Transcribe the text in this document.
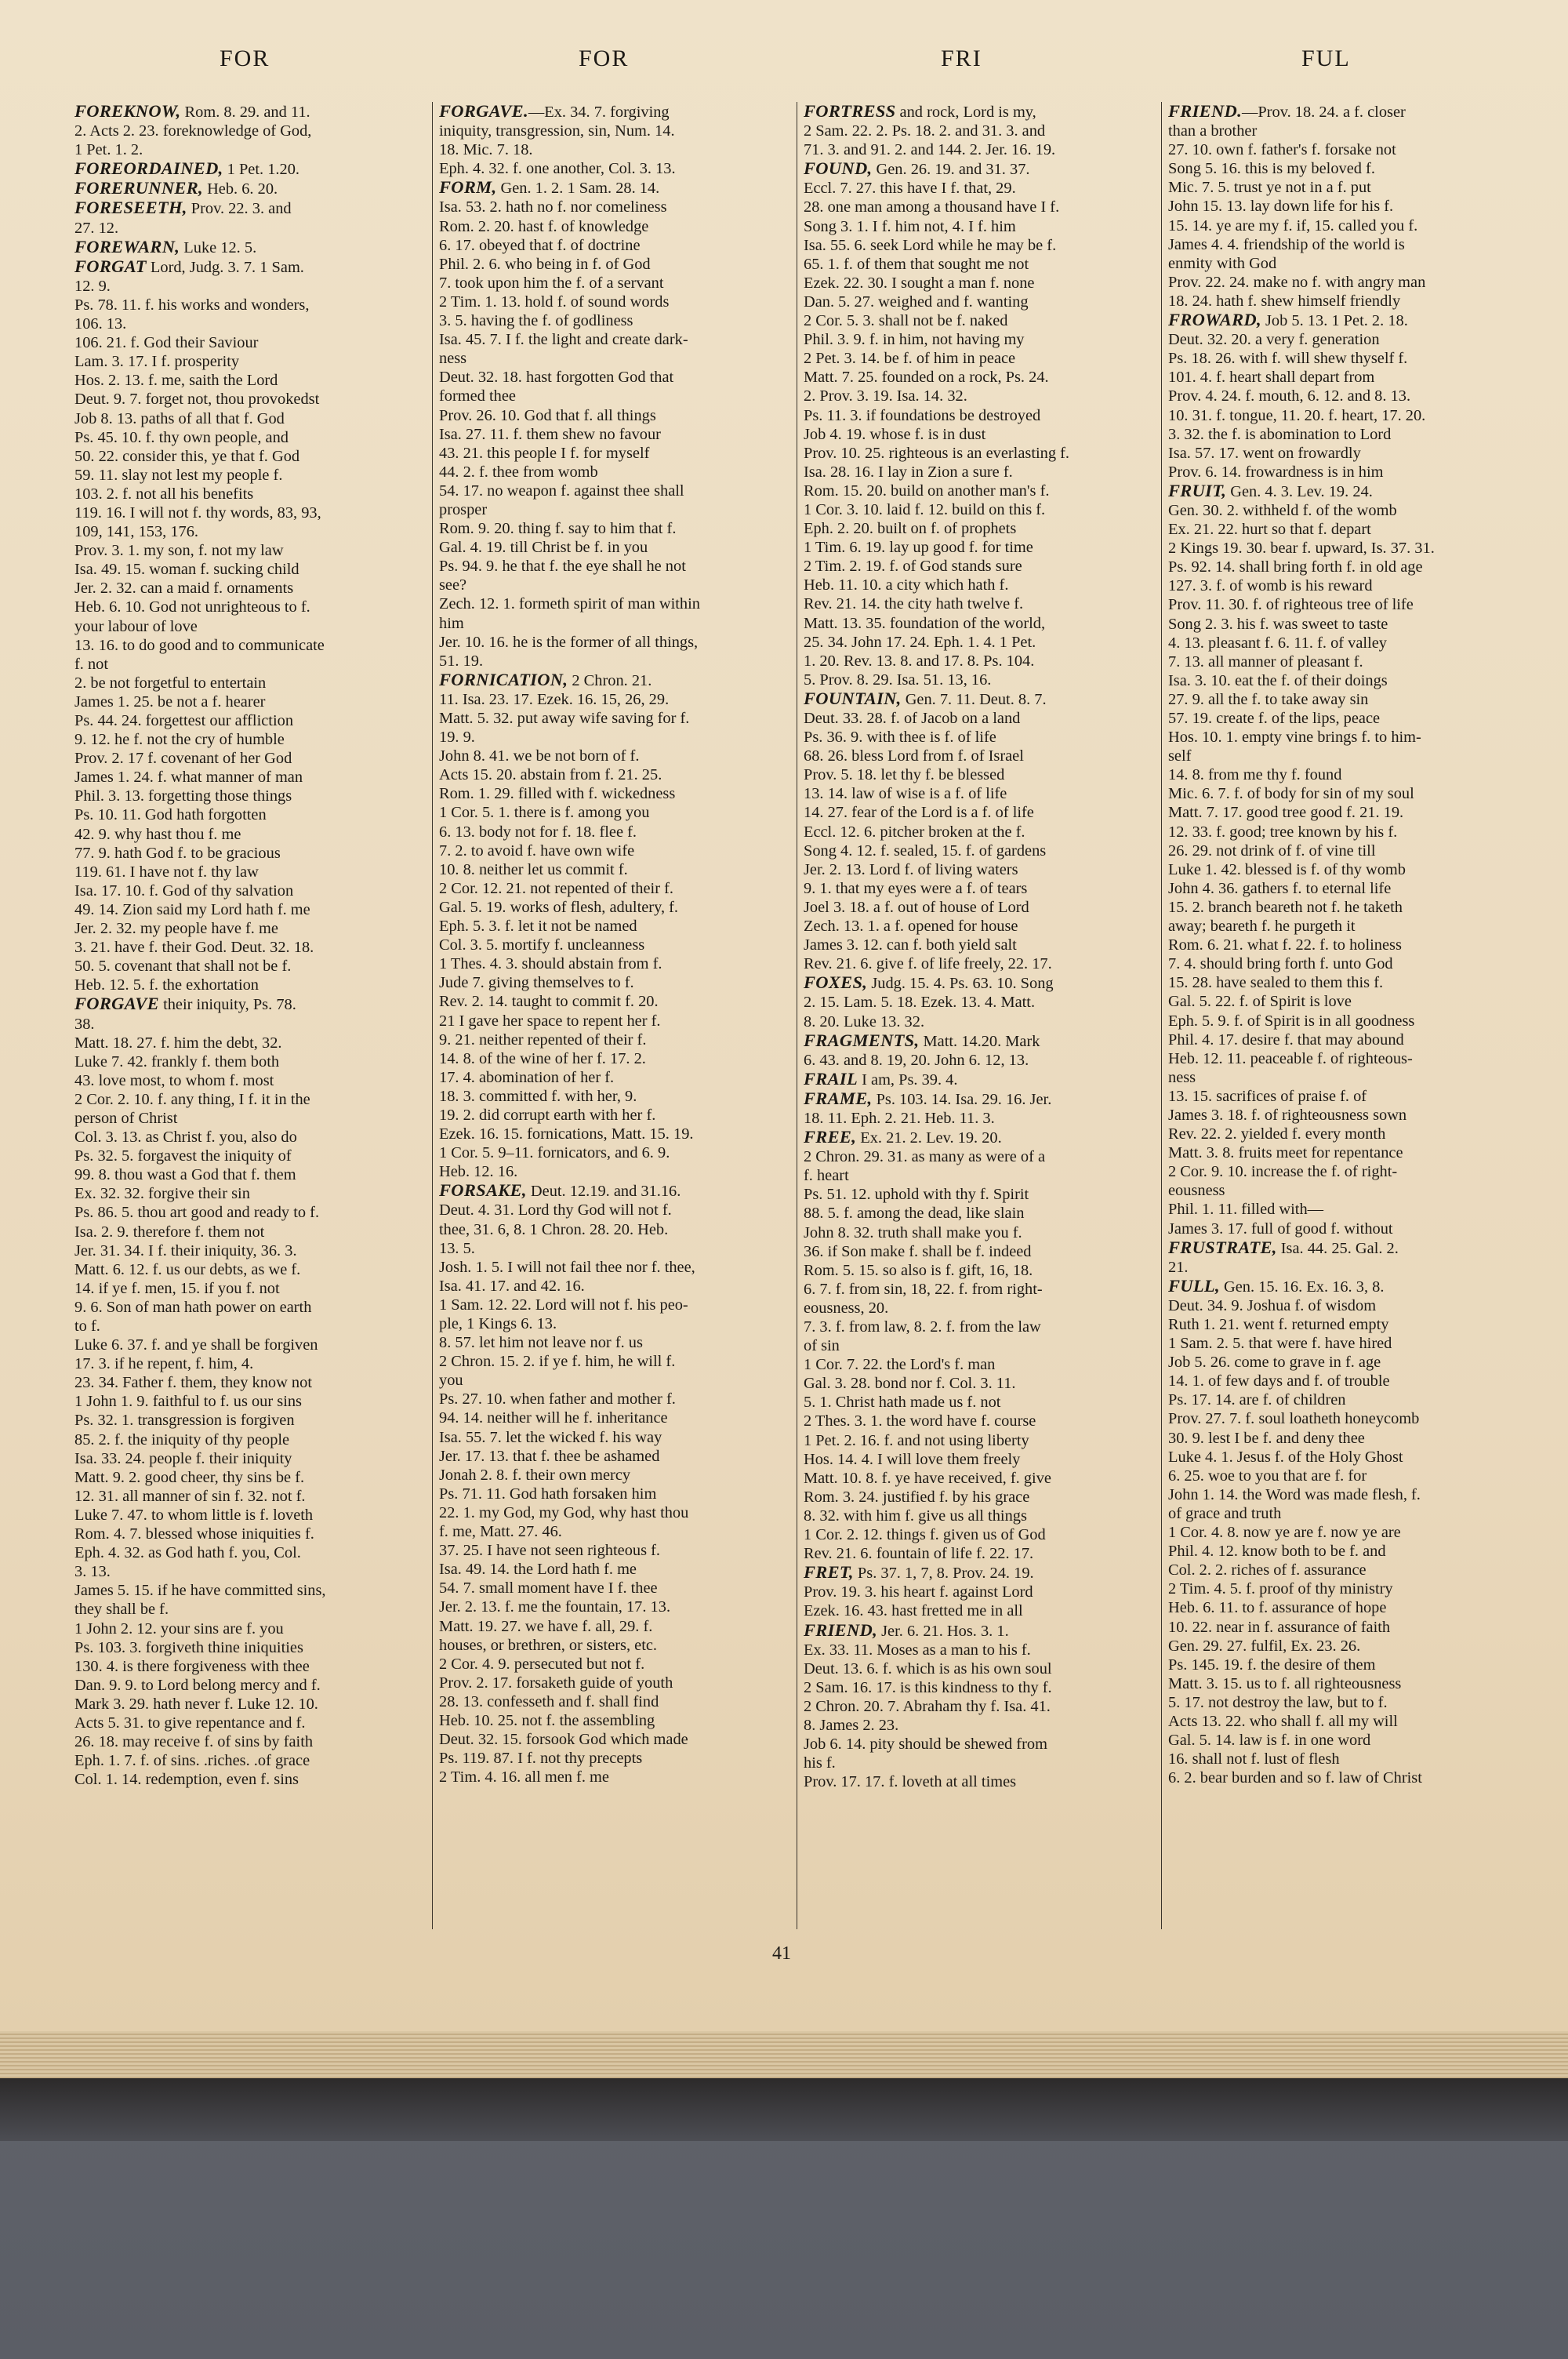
FOR	FOR	FRI	FUL
FOREKNOW, Rom. 8. 29. and 11.
2. Acts 2. 23. foreknowledge of God,
1 Pet. 1. 2.
FOREORDAINED, 1 Pet. 1.20.
FORERUNNER, Heb. 6. 20.
FORESEETH, Prov. 22. 3. and
27. 12.
FOREWARN, Luke 12. 5.
FORGAT Lord, Judg. 3. 7. 1 Sam.
12. 9.
Ps. 78. 11. f. his works and wonders,
106. 13.
106. 21. f. God their Saviour
Lam. 3. 17. I f. prosperity
Hos. 2. 13. f. me, saith the Lord
Deut. 9. 7. forget not, thou provokedst
Job 8. 13. paths of all that f. God
Ps. 45. 10. f. thy own people, and
50. 22. consider this, ye that f. God
59. 11. slay not lest my people f.
103. 2. f. not all his benefits
119. 16. I will not f. thy words, 83, 93,
109, 141, 153, 176.
Prov. 3. 1. my son, f. not my law
Isa. 49. 15. woman f. sucking child
Jer. 2. 32. can a maid f. ornaments
Heb. 6. 10. God not unrighteous to f.
your labour of love
13. 16. to do good and to communicate
f. not
2. be not forgetful to entertain
James 1. 25. be not a f. hearer
Ps. 44. 24. forgettest our affliction
9. 12. he f. not the cry of humble
Prov. 2. 17 f. covenant of her God
James 1. 24. f. what manner of man
Phil. 3. 13. forgetting those things
Ps. 10. 11. God hath forgotten
42. 9. why hast thou f. me
77. 9. hath God f. to be gracious
119. 61. I have not f. thy law
Isa. 17. 10. f. God of thy salvation
49. 14. Zion said my Lord hath f. me
Jer. 2. 32. my people have f. me
3. 21. have f. their God. Deut. 32. 18.
50. 5. covenant that shall not be f.
Heb. 12. 5. f. the exhortation
FORGAVE their iniquity, Ps. 78.
38.
Matt. 18. 27. f. him the debt, 32.
Luke 7. 42. frankly f. them both
43. love most, to whom f. most
2 Cor. 2. 10. f. any thing, I f. it in the
person of Christ
Col. 3. 13. as Christ f. you, also do
Ps. 32. 5. forgavest the iniquity of
99. 8. thou wast a God that f. them
Ex. 32. 32. forgive their sin
Ps. 86. 5. thou art good and ready to f.
Isa. 2. 9. therefore f. them not
Jer. 31. 34. I f. their iniquity, 36. 3.
Matt. 6. 12. f. us our debts, as we f.
14. if ye f. men, 15. if you f. not
9. 6. Son of man hath power on earth
to f.
Luke 6. 37. f. and ye shall be forgiven
17. 3. if he repent, f. him, 4.
23. 34. Father f. them, they know not
1 John 1. 9. faithful to f. us our sins
Ps. 32. 1. transgression is forgiven
85. 2. f. the iniquity of thy people
Isa. 33. 24. people f. their iniquity
Matt. 9. 2. good cheer, thy sins be f.
12. 31. all manner of sin f. 32. not f.
Luke 7. 47. to whom little is f. loveth
Rom. 4. 7. blessed whose iniquities f.
Eph. 4. 32. as God hath f. you, Col.
3. 13.
James 5. 15. if he have committed sins,
they shall be f.
1 John 2. 12. your sins are f. you
Ps. 103. 3. forgiveth thine iniquities
130. 4. is there forgiveness with thee
Dan. 9. 9. to Lord belong mercy and f.
Mark 3. 29. hath never f. Luke 12. 10.
Acts 5. 31. to give repentance and f.
26. 18. may receive f. of sins by faith
Eph. 1. 7. f. of sins. .riches. .of grace
Col. 1. 14. redemption, even f. sins
FORGAVE.—Ex. 34. 7. forgiving
iniquity, transgression, sin, Num. 14.
18. Mic. 7. 18.
Eph. 4. 32. f. one another, Col. 3. 13.
FORM, Gen. 1. 2. 1 Sam. 28. 14.
Isa. 53. 2. hath no f. nor comeliness
Rom. 2. 20. hast f. of knowledge
6. 17. obeyed that f. of doctrine
Phil. 2. 6. who being in f. of God
7. took upon him the f. of a servant
2 Tim. 1. 13. hold f. of sound words
3. 5. having the f. of godliness
Isa. 45. 7. I f. the light and create dark-
ness
Deut. 32. 18. hast forgotten God that
formed thee
Prov. 26. 10. God that f. all things
Isa. 27. 11. f. them shew no favour
43. 21. this people I f. for myself
44. 2. f. thee from womb
54. 17. no weapon f. against thee shall
prosper
Rom. 9. 20. thing f. say to him that f.
Gal. 4. 19. till Christ be f. in you
Ps. 94. 9. he that f. the eye shall he not
see?
Zech. 12. 1. formeth spirit of man within
him
Jer. 10. 16. he is the former of all things,
51. 19.
FORNICATION, 2 Chron. 21.
11. Isa. 23. 17. Ezek. 16. 15, 26, 29.
Matt. 5. 32. put away wife saving for f.
19. 9.
John 8. 41. we be not born of f.
Acts 15. 20. abstain from f. 21. 25.
Rom. 1. 29. filled with f. wickedness
1 Cor. 5. 1. there is f. among you
6. 13. body not for f. 18. flee f.
7. 2. to avoid f. have own wife
10. 8. neither let us commit f.
2 Cor. 12. 21. not repented of their f.
Gal. 5. 19. works of flesh, adultery, f.
Eph. 5. 3. f. let it not be named
Col. 3. 5. mortify f. uncleanness
1 Thes. 4. 3. should abstain from f.
Jude 7. giving themselves to f.
Rev. 2. 14. taught to commit f. 20.
21 I gave her space to repent her f.
9. 21. neither repented of their f.
14. 8. of the wine of her f. 17. 2.
17. 4. abomination of her f.
18. 3. committed f. with her, 9.
19. 2. did corrupt earth with her f.
Ezek. 16. 15. fornications, Matt. 15. 19.
1 Cor. 5. 9–11. fornicators, and 6. 9.
Heb. 12. 16.
FORSAKE, Deut. 12.19. and 31.16.
Deut. 4. 31. Lord thy God will not f.
thee, 31. 6, 8. 1 Chron. 28. 20. Heb.
13. 5.
Josh. 1. 5. I will not fail thee nor f. thee,
Isa. 41. 17. and 42. 16.
1 Sam. 12. 22. Lord will not f. his peo-
ple, 1 Kings 6. 13.
8. 57. let him not leave nor f. us
2 Chron. 15. 2. if ye f. him, he will f.
you
Ps. 27. 10. when father and mother f.
94. 14. neither will he f. inheritance
Isa. 55. 7. let the wicked f. his way
Jer. 17. 13. that f. thee be ashamed
Jonah 2. 8. f. their own mercy
Ps. 71. 11. God hath forsaken him
22. 1. my God, my God, why hast thou
f. me, Matt. 27. 46.
37. 25. I have not seen righteous f.
Isa. 49. 14. the Lord hath f. me
54. 7. small moment have I f. thee
Jer. 2. 13. f. me the fountain, 17. 13.
Matt. 19. 27. we have f. all, 29. f.
houses, or brethren, or sisters, etc.
2 Cor. 4. 9. persecuted but not f.
Prov. 2. 17. forsaketh guide of youth
28. 13. confesseth and f. shall find
Heb. 10. 25. not f. the assembling
Deut. 32. 15. forsook God which made
Ps. 119. 87. I f. not thy precepts
2 Tim. 4. 16. all men f. me
FORTRESS and rock, Lord is my,
2 Sam. 22. 2. Ps. 18. 2. and 31. 3. and
71. 3. and 91. 2. and 144. 2. Jer. 16. 19.
FOUND, Gen. 26. 19. and 31. 37.
Eccl. 7. 27. this have I f. that, 29.
28. one man among a thousand have I f.
Song 3. 1. I f. him not, 4. I f. him
Isa. 55. 6. seek Lord while he may be f.
65. 1. f. of them that sought me not
Ezek. 22. 30. I sought a man f. none
Dan. 5. 27. weighed and f. wanting
2 Cor. 5. 3. shall not be f. naked
Phil. 3. 9. f. in him, not having my
2 Pet. 3. 14. be f. of him in peace
Matt. 7. 25. founded on a rock, Ps. 24.
2. Prov. 3. 19. Isa. 14. 32.
Ps. 11. 3. if foundations be destroyed
Job 4. 19. whose f. is in dust
Prov. 10. 25. righteous is an everlasting f.
Isa. 28. 16. I lay in Zion a sure f.
Rom. 15. 20. build on another man's f.
1 Cor. 3. 10. laid f. 12. build on this f.
Eph. 2. 20. built on f. of prophets
1 Tim. 6. 19. lay up good f. for time
2 Tim. 2. 19. f. of God stands sure
Heb. 11. 10. a city which hath f.
Rev. 21. 14. the city hath twelve f.
Matt. 13. 35. foundation of the world,
25. 34. John 17. 24. Eph. 1. 4. 1 Pet.
1. 20. Rev. 13. 8. and 17. 8. Ps. 104.
5. Prov. 8. 29. Isa. 51. 13, 16.
FOUNTAIN, Gen. 7. 11. Deut. 8. 7.
Deut. 33. 28. f. of Jacob on a land
Ps. 36. 9. with thee is f. of life
68. 26. bless Lord from f. of Israel
Prov. 5. 18. let thy f. be blessed
13. 14. law of wise is a f. of life
14. 27. fear of the Lord is a f. of life
Eccl. 12. 6. pitcher broken at the f.
Song 4. 12. f. sealed, 15. f. of gardens
Jer. 2. 13. Lord f. of living waters
9. 1. that my eyes were a f. of tears
Joel 3. 18. a f. out of house of Lord
Zech. 13. 1. a f. opened for house
James 3. 12. can f. both yield salt
Rev. 21. 6. give f. of life freely, 22. 17.
FOXES, Judg. 15. 4. Ps. 63. 10. Song
2. 15. Lam. 5. 18. Ezek. 13. 4. Matt.
8. 20. Luke 13. 32.
FRAGMENTS, Matt. 14.20. Mark
6. 43. and 8. 19, 20. John 6. 12, 13.
FRAIL I am, Ps. 39. 4.
FRAME, Ps. 103. 14. Isa. 29. 16. Jer.
18. 11. Eph. 2. 21. Heb. 11. 3.
FREE, Ex. 21. 2. Lev. 19. 20.
2 Chron. 29. 31. as many as were of a
f. heart
Ps. 51. 12. uphold with thy f. Spirit
88. 5. f. among the dead, like slain
John 8. 32. truth shall make you f.
36. if Son make f. shall be f. indeed
Rom. 5. 15. so also is f. gift, 16, 18.
6. 7. f. from sin, 18, 22. f. from right-
eousness, 20.
7. 3. f. from law, 8. 2. f. from the law
of sin
1 Cor. 7. 22. the Lord's f. man
Gal. 3. 28. bond nor f. Col. 3. 11.
5. 1. Christ hath made us f. not
2 Thes. 3. 1. the word have f. course
1 Pet. 2. 16. f. and not using liberty
Hos. 14. 4. I will love them freely
Matt. 10. 8. f. ye have received, f. give
Rom. 3. 24. justified f. by his grace
8. 32. with him f. give us all things
1 Cor. 2. 12. things f. given us of God
Rev. 21. 6. fountain of life f. 22. 17.
FRET, Ps. 37. 1, 7, 8. Prov. 24. 19.
Prov. 19. 3. his heart f. against Lord
Ezek. 16. 43. hast fretted me in all
FRIEND, Jer. 6. 21. Hos. 3. 1.
Ex. 33. 11. Moses as a man to his f.
Deut. 13. 6. f. which is as his own soul
2 Sam. 16. 17. is this kindness to thy f.
2 Chron. 20. 7. Abraham thy f. Isa. 41.
8. James 2. 23.
Job 6. 14. pity should be shewed from
his f.
Prov. 17. 17. f. loveth at all times
FRIEND.—Prov. 18. 24. a f. closer
than a brother
27. 10. own f. father's f. forsake not
Song 5. 16. this is my beloved f.
Mic. 7. 5. trust ye not in a f. put
John 15. 13. lay down life for his f.
15. 14. ye are my f. if, 15. called you f.
James 4. 4. friendship of the world is
enmity with God
Prov. 22. 24. make no f. with angry man
18. 24. hath f. shew himself friendly
FROWARD, Job 5. 13. 1 Pet. 2. 18.
Deut. 32. 20. a very f. generation
Ps. 18. 26. with f. will shew thyself f.
101. 4. f. heart shall depart from
Prov. 4. 24. f. mouth, 6. 12. and 8. 13.
10. 31. f. tongue, 11. 20. f. heart, 17. 20.
3. 32. the f. is abomination to Lord
Isa. 57. 17. went on frowardly
Prov. 6. 14. frowardness is in him
FRUIT, Gen. 4. 3. Lev. 19. 24.
Gen. 30. 2. withheld f. of the womb
Ex. 21. 22. hurt so that f. depart
2 Kings 19. 30. bear f. upward, Is. 37. 31.
Ps. 92. 14. shall bring forth f. in old age
127. 3. f. of womb is his reward
Prov. 11. 30. f. of righteous tree of life
Song 2. 3. his f. was sweet to taste
4. 13. pleasant f. 6. 11. f. of valley
7. 13. all manner of pleasant f.
Isa. 3. 10. eat the f. of their doings
27. 9. all the f. to take away sin
57. 19. create f. of the lips, peace
Hos. 10. 1. empty vine brings f. to him-
self
14. 8. from me thy f. found
Mic. 6. 7. f. of body for sin of my soul
Matt. 7. 17. good tree good f. 21. 19.
12. 33. f. good; tree known by his f.
26. 29. not drink of f. of vine till
Luke 1. 42. blessed is f. of thy womb
John 4. 36. gathers f. to eternal life
15. 2. branch beareth not f. he taketh
away; beareth f. he purgeth it
Rom. 6. 21. what f. 22. f. to holiness
7. 4. should bring forth f. unto God
15. 28. have sealed to them this f.
Gal. 5. 22. f. of Spirit is love
Eph. 5. 9. f. of Spirit is in all goodness
Phil. 4. 17. desire f. that may abound
Heb. 12. 11. peaceable f. of righteous-
ness
13. 15. sacrifices of praise f. of
James 3. 18. f. of righteousness sown
Rev. 22. 2. yielded f. every month
Matt. 3. 8. fruits meet for repentance
2 Cor. 9. 10. increase the f. of right-
eousness
Phil. 1. 11. filled with—
James 3. 17. full of good f. without
FRUSTRATE, Isa. 44. 25. Gal. 2.
21.
FULL, Gen. 15. 16. Ex. 16. 3, 8.
Deut. 34. 9. Joshua f. of wisdom
Ruth 1. 21. went f. returned empty
1 Sam. 2. 5. that were f. have hired
Job 5. 26. come to grave in f. age
14. 1. of few days and f. of trouble
Ps. 17. 14. are f. of children
Prov. 27. 7. f. soul loatheth honeycomb
30. 9. lest I be f. and deny thee
Luke 4. 1. Jesus f. of the Holy Ghost
6. 25. woe to you that are f. for
John 1. 14. the Word was made flesh, f.
of grace and truth
1 Cor. 4. 8. now ye are f. now ye are
Phil. 4. 12. know both to be f. and
Col. 2. 2. riches of f. assurance
2 Tim. 4. 5. f. proof of thy ministry
Heb. 6. 11. to f. assurance of hope
10. 22. near in f. assurance of faith
Gen. 29. 27. fulfil, Ex. 23. 26.
Ps. 145. 19. f. the desire of them
Matt. 3. 15. us to f. all righteousness
5. 17. not destroy the law, but to f.
Acts 13. 22. who shall f. all my will
Gal. 5. 14. law is f. in one word
16. shall not f. lust of flesh
6. 2. bear burden and so f. law of Christ
41
